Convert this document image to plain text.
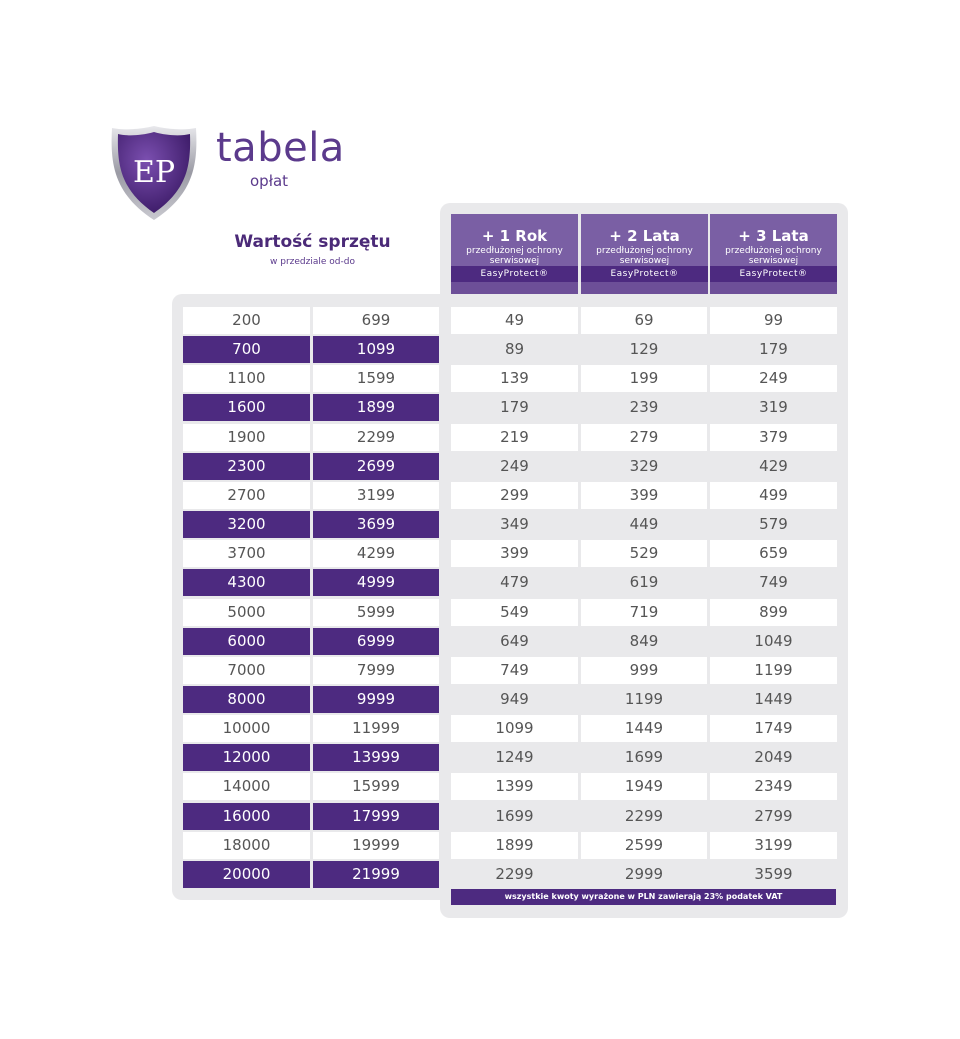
EP
tabela
opłat
Wartość sprzętu
w przedziale od-do
+ 1 Rok
przedłużonej ochrony serwisowej
EasyProtect®
+ 2 Lata
przedłużonej ochrony serwisowej
EasyProtect®
+ 3 Lata
przedłużonej ochrony serwisowej
EasyProtect®
200	699	49	69	99
700	1099	89	129	179
1100	1599	139	199	249
1600	1899	179	239	319
1900	2299	219	279	379
2300	2699	249	329	429
2700	3199	299	399	499
3200	3699	349	449	579
3700	4299	399	529	659
4300	4999	479	619	749
5000	5999	549	719	899
6000	6999	649	849	1049
7000	7999	749	999	1199
8000	9999	949	1199	1449
10000	11999	1099	1449	1749
12000	13999	1249	1699	2049
14000	15999	1399	1949	2349
16000	17999	1699	2299	2799
18000	19999	1899	2599	3199
20000	21999	2299	2999	3599
wszystkie kwoty wyrażone w PLN zawierają 23% podatek VAT
